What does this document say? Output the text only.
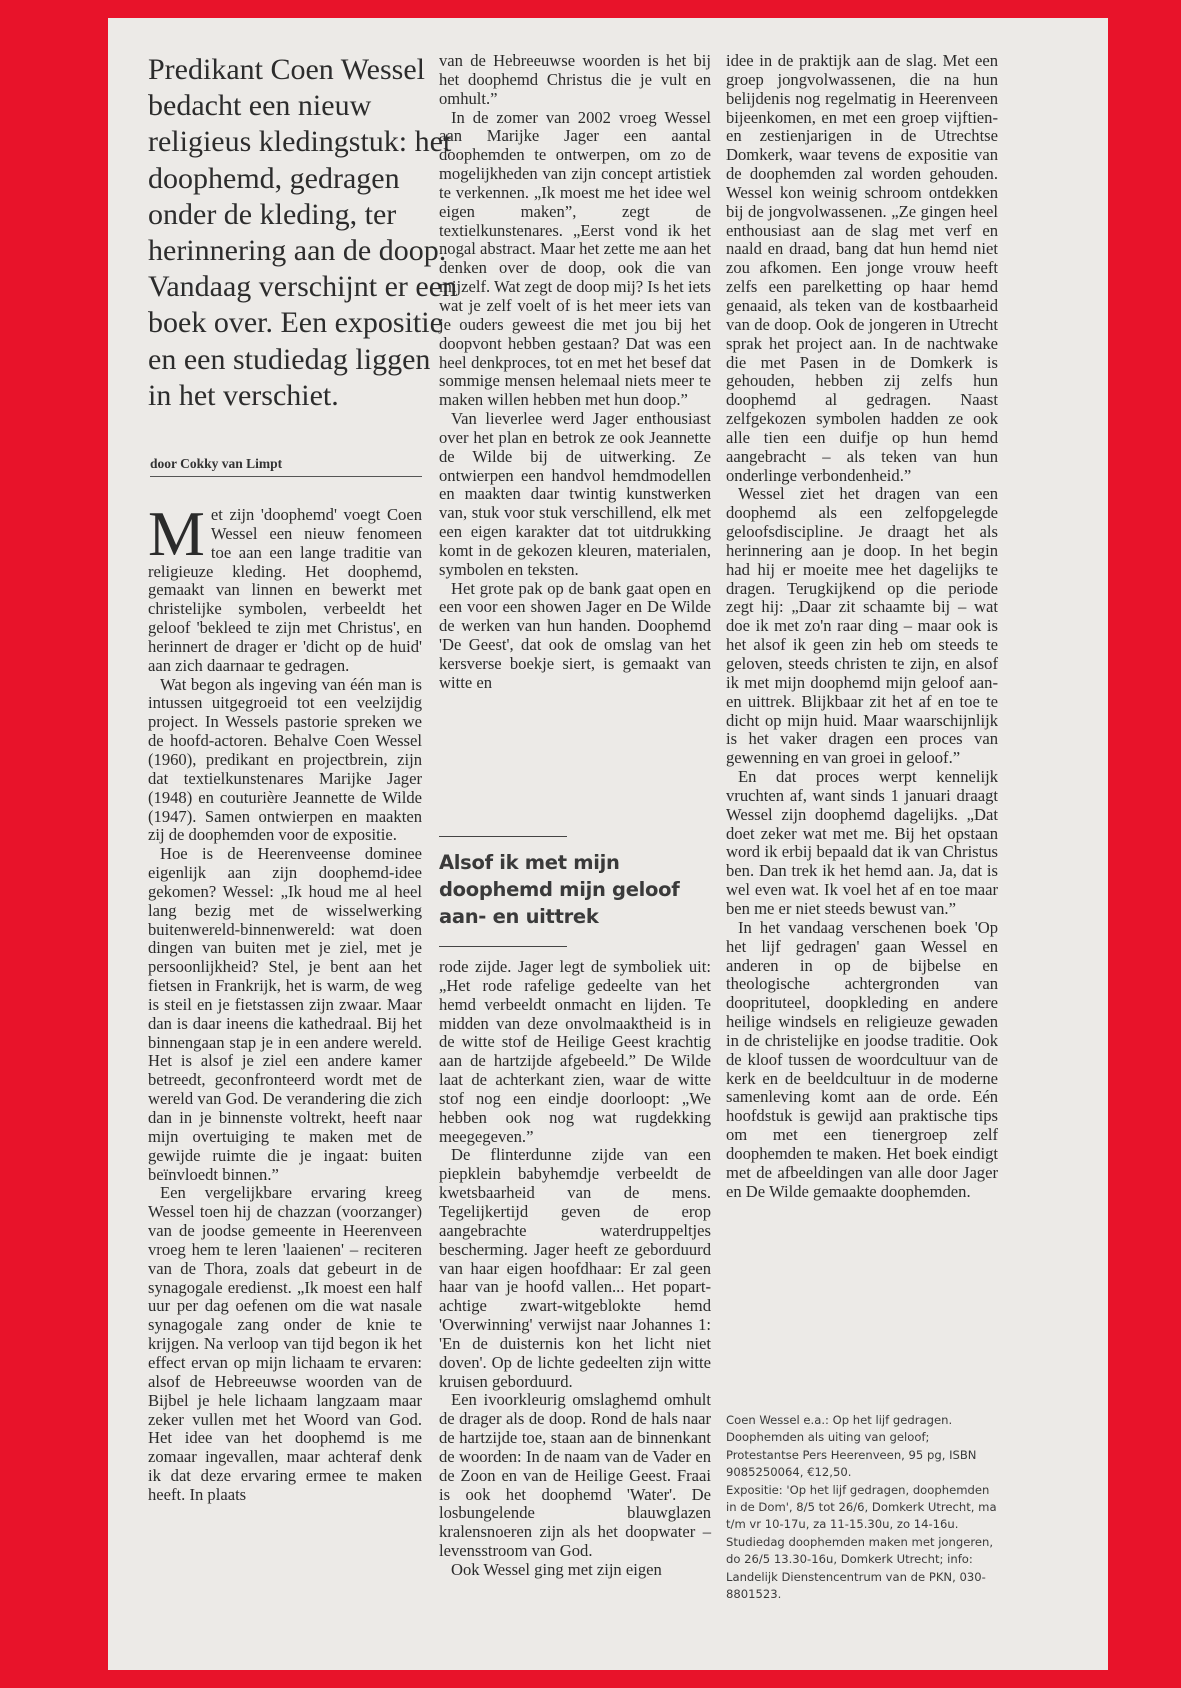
Predikant Coen Wessel bedacht een nieuw religieus kledingstuk: het doophemd, gedragen onder de kleding, ter herinnering aan de doop. Vandaag verschijnt er een boek over. Een expositie en een studiedag liggen in het verschiet.
door Cokky van Limpt

Met zijn 'doophemd' voegt Coen Wessel een nieuw fenomeen toe aan een lange traditie van religieuze kleding. Het doophemd, gemaakt van linnen en bewerkt met christelijke symbolen, verbeeldt het geloof 'bekleed te zijn met Christus', en herinnert de drager er 'dicht op de huid' aan zich daarnaar te gedragen.

Wat begon als ingeving van één man is intussen uitgegroeid tot een veelzijdig project. In Wessels pastorie spreken we de hoofd-actoren. Behalve Coen Wessel (1960), predikant en projectbrein, zijn dat textielkunstenares Marijke Jager (1948) en couturière Jeannette de Wilde (1947). Samen ontwierpen en maakten zij de doophemden voor de expositie.

Hoe is de Heerenveense dominee eigenlijk aan zijn doophemd-idee gekomen? Wessel: „Ik houd me al heel lang bezig met de wisselwerking buitenwereld-binnenwereld: wat doen dingen van buiten met je ziel, met je persoonlijkheid? Stel, je bent aan het fietsen in Frankrijk, het is warm, de weg is steil en je fietstassen zijn zwaar. Maar dan is daar ineens die kathedraal. Bij het binnengaan stap je in een andere wereld. Het is alsof je ziel een andere kamer betreedt, geconfronteerd wordt met de wereld van God. De verandering die zich dan in je binnenste voltrekt, heeft naar mijn overtuiging te maken met de gewijde ruimte die je ingaat: buiten beïnvloedt binnen.”

Een vergelijkbare ervaring kreeg Wessel toen hij de chazzan (voorzanger) van de joodse gemeente in Heerenveen vroeg hem te leren 'laaienen' – reciteren van de Thora, zoals dat gebeurt in de synagogale eredienst. „Ik moest een half uur per dag oefenen om die wat nasale synagogale zang onder de knie te krijgen. Na verloop van tijd begon ik het effect ervan op mijn lichaam te ervaren: alsof de Hebreeuwse woorden van de Bijbel je hele lichaam langzaam maar zeker vullen met het Woord van God. Het idee van het doophemd is me zomaar ingevallen, maar achteraf denk ik dat deze ervaring ermee te maken heeft. In plaats

van de Hebreeuwse woorden is het bij het doophemd Christus die je vult en omhult.”

In de zomer van 2002 vroeg Wessel aan Marijke Jager een aantal doophemden te ontwerpen, om zo de mogelijkheden van zijn concept artistiek te verkennen. „Ik moest me het idee wel eigen maken”, zegt de textielkunstenares. „Eerst vond ik het nogal abstract. Maar het zette me aan het denken over de doop, ook die van mijzelf. Wat zegt de doop mij? Is het iets wat je zelf voelt of is het meer iets van je ouders geweest die met jou bij het doopvont hebben gestaan? Dat was een heel denkproces, tot en met het besef dat sommige mensen helemaal niets meer te maken willen hebben met hun doop.”

Van lieverlee werd Jager enthousiast over het plan en betrok ze ook Jeannette de Wilde bij de uitwerking. Ze ontwierpen een handvol hemdmodellen en maakten daar twintig kunstwerken van, stuk voor stuk verschillend, elk met een eigen karakter dat tot uitdrukking komt in de gekozen kleuren, materialen, symbolen en teksten.

Het grote pak op de bank gaat open en een voor een showen Jager en De Wilde de werken van hun handen. Doophemd 'De Geest', dat ook de omslag van het kersverse boekje siert, is gemaakt van witte en

Alsof ik met mijn doophemd mijn geloof aan- en uittrek

rode zijde. Jager legt de symboliek uit: „Het rode rafelige gedeelte van het hemd verbeeldt onmacht en lijden. Te midden van deze onvolmaaktheid is in de witte stof de Heilige Geest krachtig aan de hartzijde afgebeeld.” De Wilde laat de achterkant zien, waar de witte stof nog een eindje doorloopt: „We hebben ook nog wat rugdekking meegegeven.”

De flinterdunne zijde van een piepklein babyhemdje verbeeldt de kwetsbaarheid van de mens. Tegelijkertijd geven de erop aangebrachte waterdruppeltjes bescherming. Jager heeft ze geborduurd van haar eigen hoofdhaar: Er zal geen haar van je hoofd vallen... Het popart-achtige zwart-witgeblokte hemd 'Overwinning' verwijst naar Johannes 1: 'En de duisternis kon het licht niet doven'. Op de lichte gedeelten zijn witte kruisen geborduurd.

Een ivoorkleurig omslaghemd omhult de drager als de doop. Rond de hals naar de hartzijde toe, staan aan de binnenkant de woorden: In de naam van de Vader en de Zoon en van de Heilige Geest. Fraai is ook het doophemd 'Water'. De losbungelende blauwglazen kralensnoeren zijn als het doopwater – levensstroom van God.

Ook Wessel ging met zijn eigen

idee in de praktijk aan de slag. Met een groep jongvolwassenen, die na hun belijdenis nog regelmatig in Heerenveen bijeenkomen, en met een groep vijftien- en zestienjarigen in de Utrechtse Domkerk, waar tevens de expositie van de doophemden zal worden gehouden. Wessel kon weinig schroom ontdekken bij de jongvolwassenen. „Ze gingen heel enthousiast aan de slag met verf en naald en draad, bang dat hun hemd niet zou afkomen. Een jonge vrouw heeft zelfs een parelketting op haar hemd genaaid, als teken van de kostbaarheid van de doop. Ook de jongeren in Utrecht sprak het project aan. In de nachtwake die met Pasen in de Domkerk is gehouden, hebben zij zelfs hun doophemd al gedragen. Naast zelfgekozen symbolen hadden ze ook alle tien een duifje op hun hemd aangebracht – als teken van hun onderlinge verbondenheid.”

Wessel ziet het dragen van een doophemd als een zelfopgelegde geloofsdiscipline. Je draagt het als herinnering aan je doop. In het begin had hij er moeite mee het dagelijks te dragen. Terugkijkend op die periode zegt hij: „Daar zit schaamte bij – wat doe ik met zo'n raar ding – maar ook is het alsof ik geen zin heb om steeds te geloven, steeds christen te zijn, en alsof ik met mijn doophemd mijn geloof aan- en uittrek. Blijkbaar zit het af en toe te dicht op mijn huid. Maar waarschijnlijk is het vaker dragen een proces van gewenning en van groei in geloof.”

En dat proces werpt kennelijk vruchten af, want sinds 1 januari draagt Wessel zijn doophemd dagelijks. „Dat doet zeker wat met me. Bij het opstaan word ik erbij bepaald dat ik van Christus ben. Dan trek ik het hemd aan. Ja, dat is wel even wat. Ik voel het af en toe maar ben me er niet steeds bewust van.”

In het vandaag verschenen boek 'Op het lijf gedragen' gaan Wessel en anderen in op de bijbelse en theologische achtergronden van dooprituteel, doopkleding en andere heilige windsels en religieuze gewaden in de christelijke en joodse traditie. Ook de kloof tussen de woordcultuur van de kerk en de beeldcultuur in de moderne samenleving komt aan de orde. Eén hoofdstuk is gewijd aan praktische tips om met een tienergroep zelf doophemden te maken. Het boek eindigt met de afbeeldingen van alle door Jager en De Wilde gemaakte doophemden.

Coen Wessel e.a.: Op het lijf gedragen. Doophemden als uiting van geloof; Protestantse Pers Heerenveen, 95 pg, ISBN 9085250064, €12,50.

Expositie: 'Op het lijf gedragen, doophemden in de Dom', 8/5 tot 26/6, Domkerk Utrecht, ma t/m vr 10-17u, za 11-15.30u, zo 14-16u.

Studiedag doophemden maken met jongeren, do 26/5 13.30-16u, Domkerk Utrecht; info: Landelijk Dienstencentrum van de PKN, 030-8801523.
